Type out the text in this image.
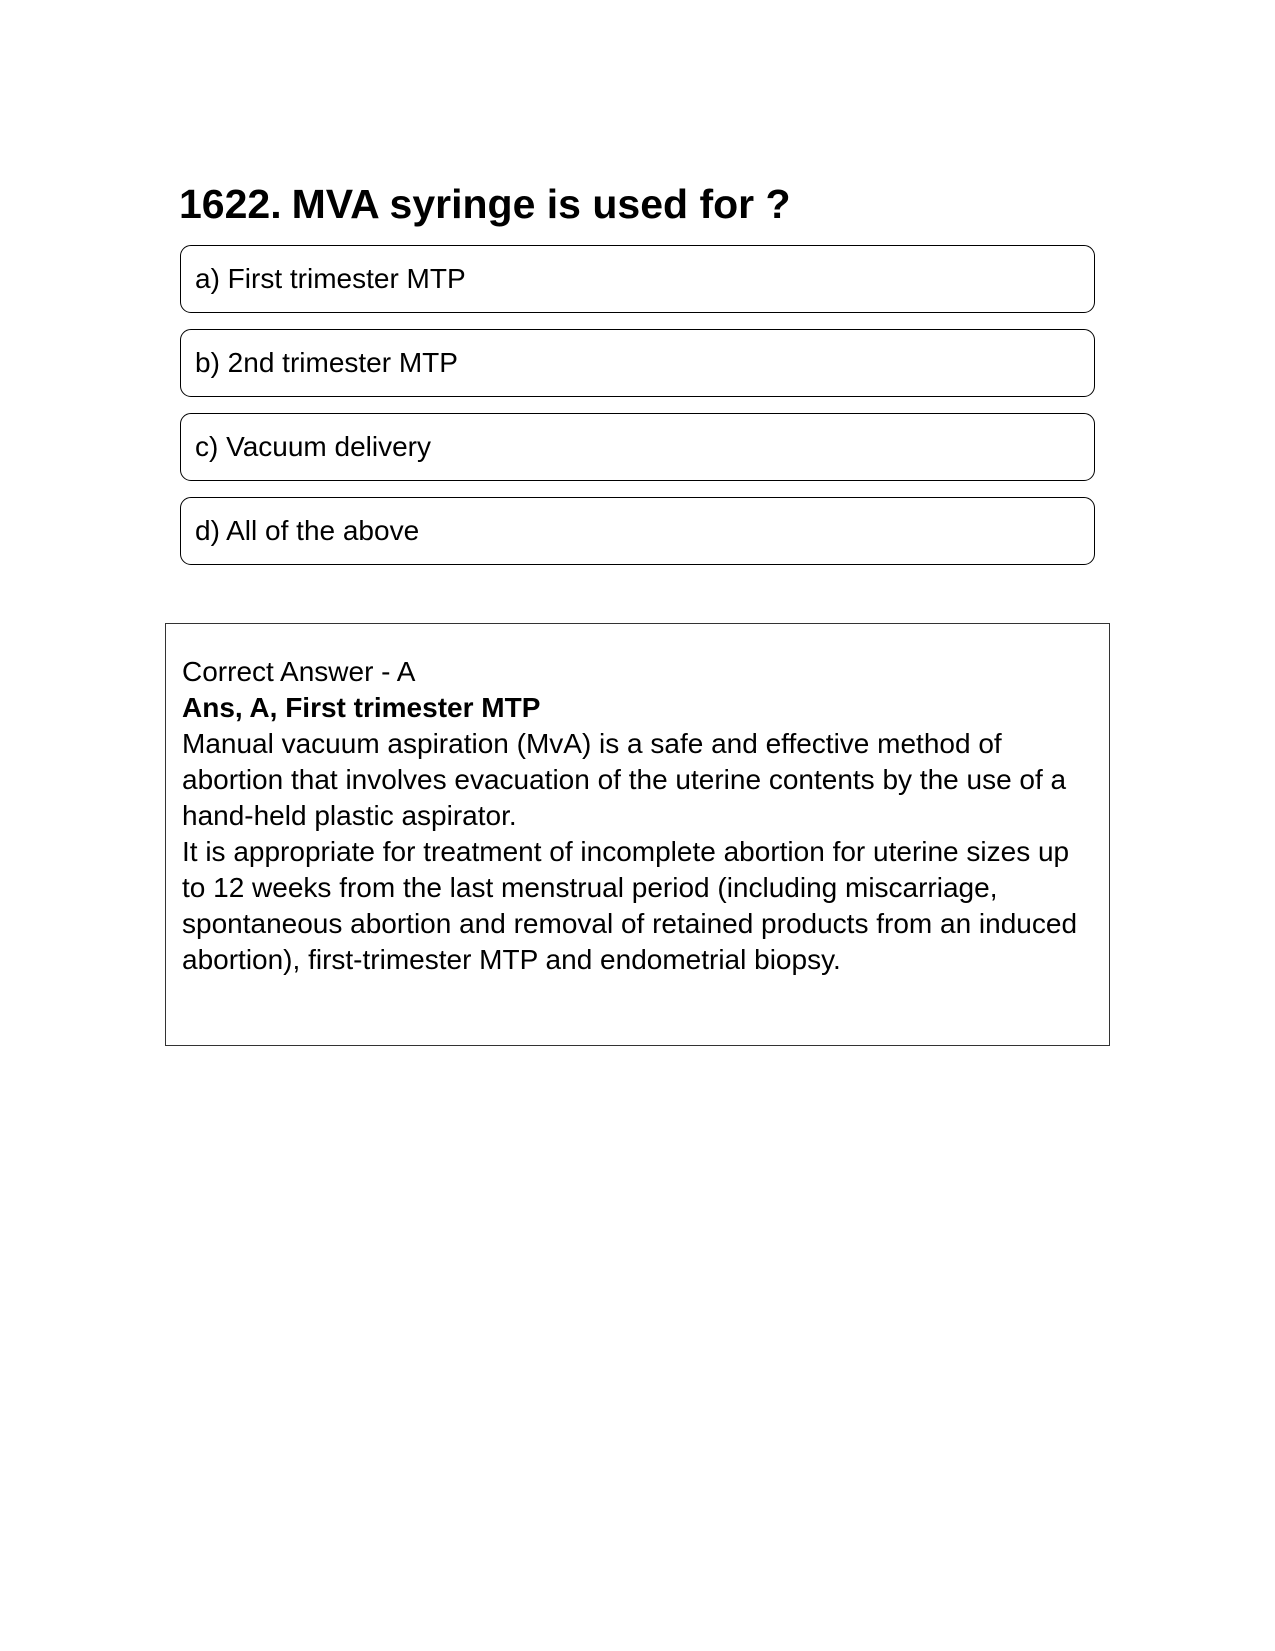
1622. MVA syringe is used for ?
a) First trimester MTP
b) 2nd trimester MTP
c) Vacuum delivery
d) All of the above

Correct Answer - A

Ans, A, First trimester MTP

Manual vacuum aspiration (MvA) is a safe and effective method of abortion that involves evacuation of the uterine contents by the use of a hand-held plastic aspirator.

It is appropriate for treatment of incomplete abortion for uterine sizes up to 12 weeks from the last menstrual period (including miscarriage, spontaneous abortion and removal of retained products from an induced abortion), first-trimester MTP and endometrial biopsy.
